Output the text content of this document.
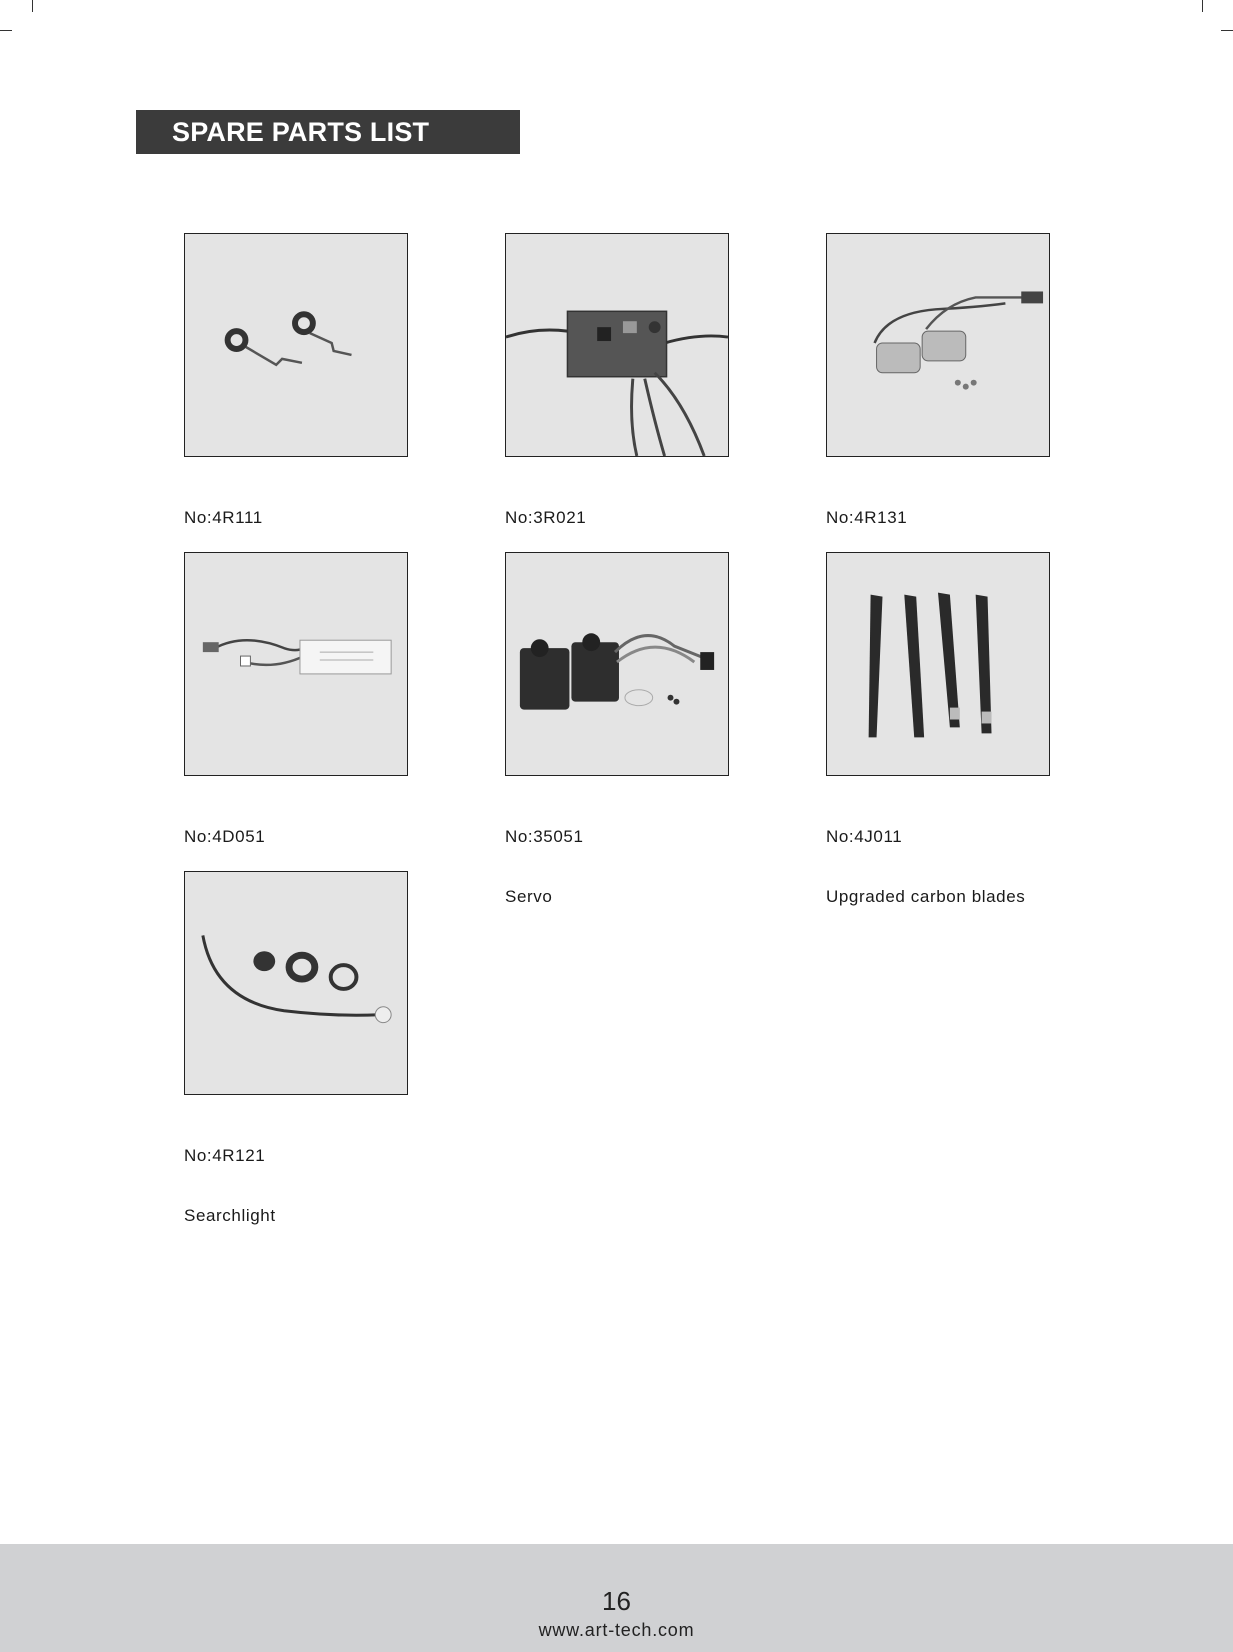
SPARE PARTS LIST

No:4R111

	No:3R021

	No:4R131

No:4D051

	No:35051

Servo

No:4J011

Upgraded carbon blades

No:4R121

Searchlight

16
www.art-tech.com
